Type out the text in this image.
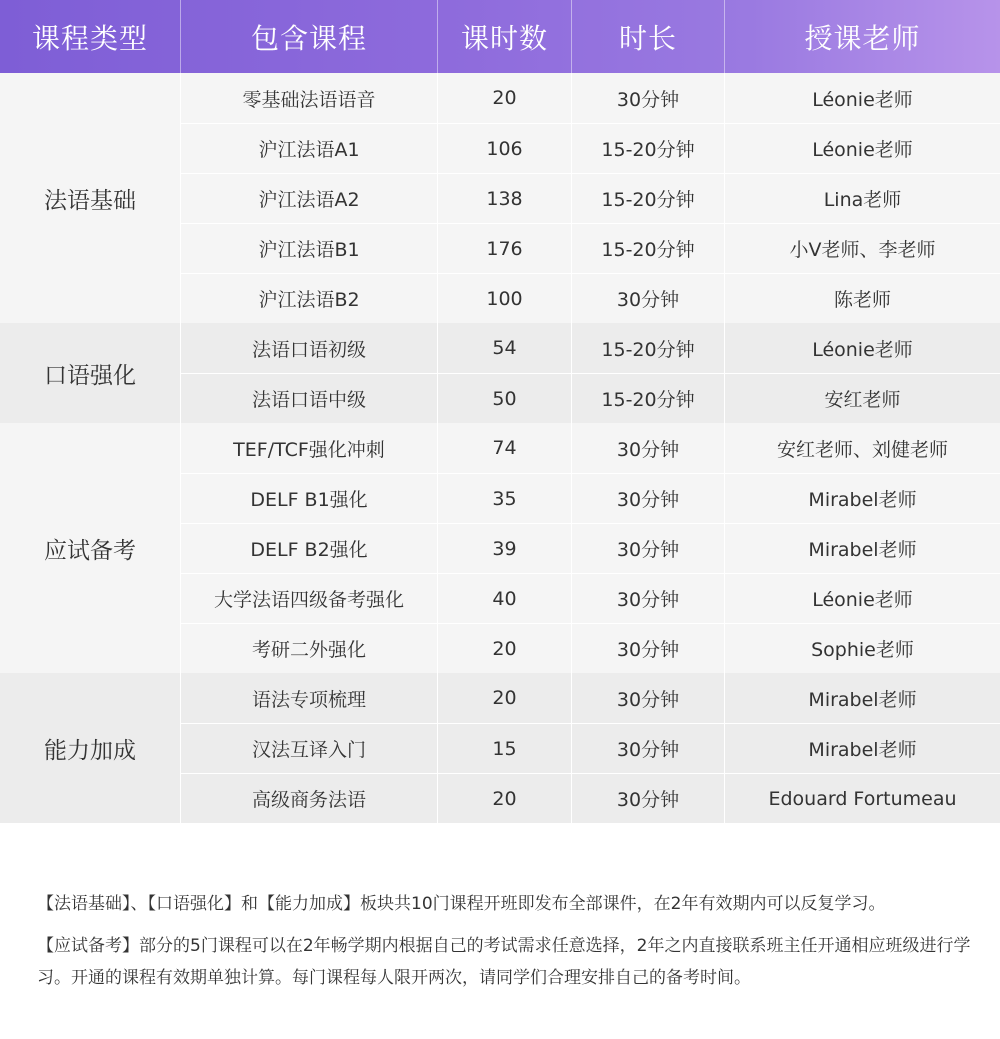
课程类型	包含课程	课时数	时长	授课老师
法语基础
零基础法语语音	20	30分钟	Léonie老师
沪江法语A1	106	15-20分钟	Léonie老师
沪江法语A2	138	15-20分钟	Lina老师
沪江法语B1	176	15-20分钟	小V老师、李老师
沪江法语B2	100	30分钟	陈老师
口语强化
法语口语初级	54	15-20分钟	Léonie老师
法语口语中级	50	15-20分钟	安红老师
应试备考
TEF/TCF强化冲刺	74	30分钟	安红老师、刘健老师
DELF B1强化	35	30分钟	Mirabel老师
DELF B2强化	39	30分钟	Mirabel老师
大学法语四级备考强化	40	30分钟	Léonie老师
考研二外强化	20	30分钟	Sophie老师
能力加成
语法专项梳理	20	30分钟	Mirabel老师
汉法互译入门	15	30分钟	Mirabel老师
高级商务法语	20	30分钟	Edouard Fortumeau

【法语基础】、【口语强化】和【能力加成】板块共10门课程开班即发布全部课件，在2年有效期内可以反复学习。

【应试备考】部分的5门课程可以在2年畅学期内根据自己的考试需求任意选择，2年之内直接联系班主任开通相应班级进行学习。开通的课程有效期单独计算。每门课程每人限开两次，请同学们合理安排自己的备考时间。
